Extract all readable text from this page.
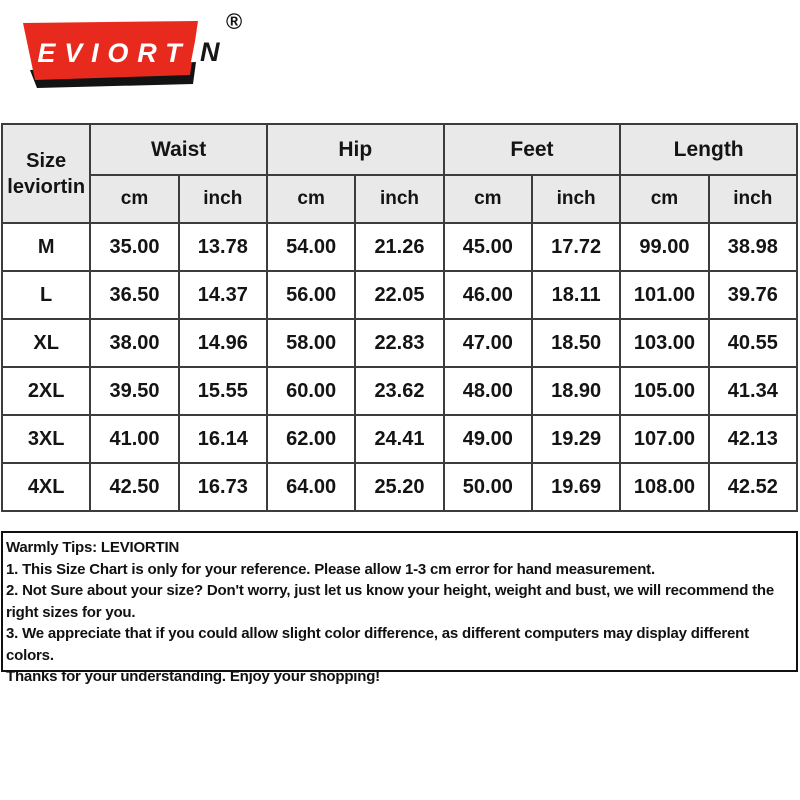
LEVIORTI N
®
Size
leviortin	Waist		Hip		Feet		Length	
	cm	inch	cm	inch	cm	inch	cm	inch
M	35.00	13.78	54.00	21.26	45.00	17.72	99.00	38.98
L	36.50	14.37	56.00	22.05	46.00	18.11	101.00	39.76
XL	38.00	14.96	58.00	22.83	47.00	18.50	103.00	40.55
2XL	39.50	15.55	60.00	23.62	48.00	18.90	105.00	41.34
3XL	41.00	16.14	62.00	24.41	49.00	19.29	107.00	42.13
4XL	42.50	16.73	64.00	25.20	50.00	19.69	108.00	42.52
Warmly Tips: LEVIORTIN
1. This Size Chart is only for your reference. Please allow 1-3 cm error for hand measurement.
2. Not Sure about your size? Don't worry, just let us know your height, weight and bust, we will recommend the right sizes for you.
3. We appreciate that if you could allow slight color difference, as different computers may display different colors.
Thanks for your understanding. Enjoy your shopping!
